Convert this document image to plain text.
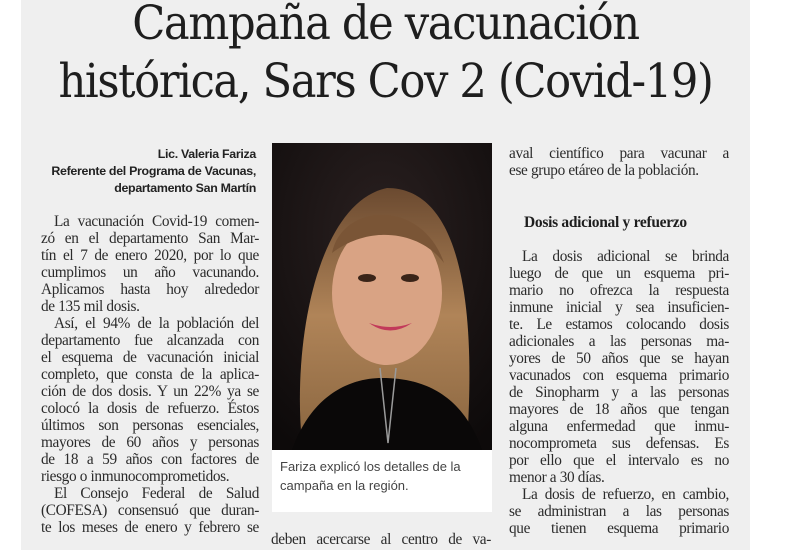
Campaña de vacunación
histórica, Sars Cov 2 (Covid-19)
Lic. Valeria Fariza
Referente del Programa de Vacunas,
departamento San Martín
La vacunación Covid-19 comen-
zó en el departamento San Mar-
tín el 7 de enero 2020, por lo que
cumplimos un año vacunando.
Aplicamos hasta hoy alrededor
de 135 mil dosis.
Así, el 94% de la población del
departamento fue alcanzada con
el esquema de vacunación inicial
completo, que consta de la aplica-
ción de dos dosis. Y un 22% ya se
colocó la dosis de refuerzo. Éstos
últimos son personas esenciales,
mayores de 60 años y personas
de 18 a 59 años con factores de
riesgo o inmunocomprometidos.
El Consejo Federal de Salud
(COFESA) consensuó que duran-
te los meses de enero y febrero se
Fariza explicó los detalles de la campaña en la región.
deben acercarse al centro de va-
aval científico para vacunar a
ese grupo etáreo de la población.
Dosis adicional y refuerzo
La dosis adicional se brinda
luego de que un esquema pri-
mario no ofrezca la respuesta
inmune inicial y sea insuficien-
te. Le estamos colocando dosis
adicionales a las personas ma-
yores de 50 años que se hayan
vacunados con esquema primario
de Sinopharm y a las personas
mayores de 18 años que tengan
alguna enfermedad que inmu-
nocomprometa sus defensas. Es
por ello que el intervalo es no
menor a 30 días.
La dosis de refuerzo, en cambio,
se administran a las personas
que tienen esquema primario
